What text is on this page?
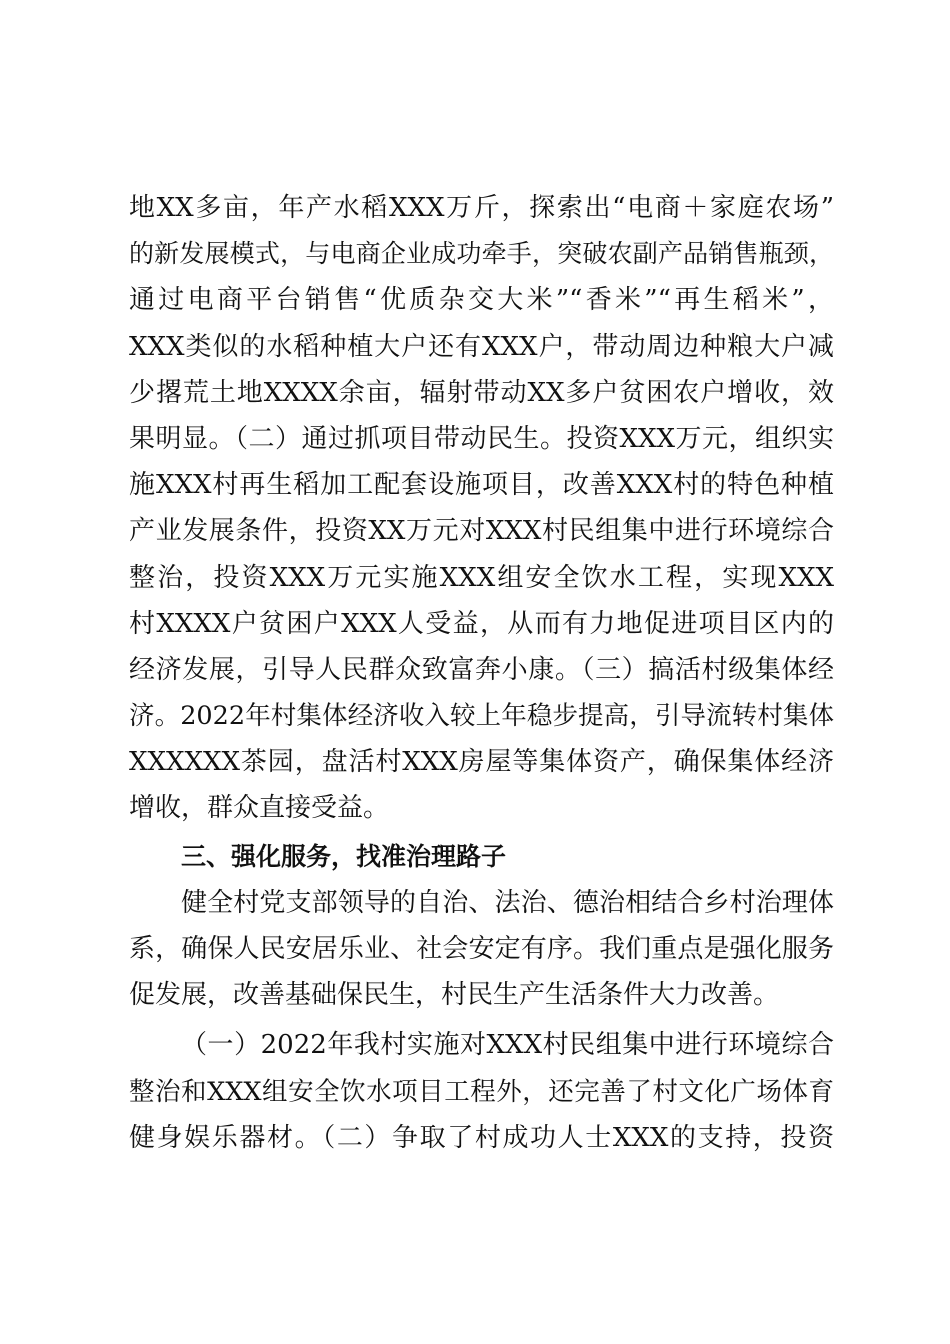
地XX多亩，年产水稻XXX万斤，探索出“电商＋家庭农场”
的新发展模式，与电商企业成功牵手，突破农副产品销售瓶颈，
通过电商平台销售“优质杂交大米”“香米”“再生稻米”，
XXX类似的水稻种植大户还有XXX户，带动周边种粮大户减
少撂荒土地XXXX余亩，辐射带动XX多户贫困农户增收，效
果明显。（二）通过抓项目带动民生。投资XXX万元，组织实
施XXX村再生稻加工配套设施项目，改善XXX村的特色种植
产业发展条件，投资XX万元对XXX村民组集中进行环境综合
整治，投资XXX万元实施XXX组安全饮水工程，实现XXX
村XXXX户贫困户XXX人受益，从而有力地促进项目区内的
经济发展，引导人民群众致富奔小康。（三）搞活村级集体经
济。2022年村集体经济收入较上年稳步提高，引导流转村集体
XXXXXX茶园，盘活村XXX房屋等集体资产，确保集体经济
增收，群众直接受益。
三、强化服务，找准治理路子
健全村党支部领导的自治、法治、德治相结合乡村治理体
系，确保人民安居乐业、社会安定有序。我们重点是强化服务
促发展，改善基础保民生，村民生产生活条件大力改善。
（一）2022年我村实施对XXX村民组集中进行环境综合
整治和XXX组安全饮水项目工程外，还完善了村文化广场体育
健身娱乐器材。（二）争取了村成功人士XXX的支持，投资
